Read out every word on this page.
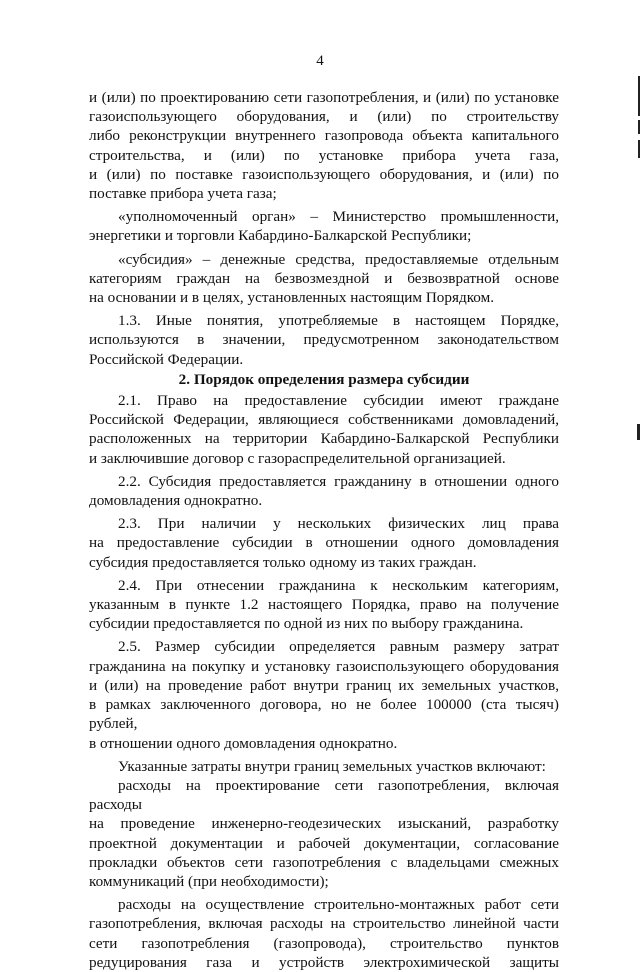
4

и (или) по проектированию сети газопотребления, и (или) по установке

газоиспользующего оборудования, и (или) по строительству

либо реконструкции внутреннего газопровода объекта капитального

строительства, и (или) по установке прибора учета газа,

и (или) по поставке газоиспользующего оборудования, и (или) по

поставке прибора учета газа;

«уполномоченный орган» – Министерство промышленности,

энергетики и торговли Кабардино-Балкарской Республики;

«субсидия» – денежные средства, предоставляемые отдельным

категориям граждан на безвозмездной и безвозвратной основе

на основании и в целях, установленных настоящим Порядком.

1.3. Иные понятия, употребляемые в настоящем Порядке,

используются в значении, предусмотренном законодательством

Российской Федерации.

2. Порядок определения размера субсидии

2.1. Право на предоставление субсидии имеют граждане

Российской Федерации, являющиеся собственниками домовладений,

расположенных на территории Кабардино-Балкарской Республики

и заключившие договор с газораспределительной организацией.

2.2. Субсидия предоставляется гражданину в отношении одного

домовладения однократно.

2.3. При наличии у нескольких физических лиц права

на предоставление субсидии в отношении одного домовладения

субсидия предоставляется только одному из таких граждан.

2.4. При отнесении гражданина к нескольким категориям,

указанным в пункте 1.2 настоящего Порядка, право на получение

субсидии предоставляется по одной из них по выбору гражданина.

2.5. Размер субсидии определяется равным размеру затрат

гражданина на покупку и установку газоиспользующего оборудования

и (или) на проведение работ внутри границ их земельных участков,

в рамках заключенного договора, но не более 100000 (ста тысяч) рублей,

в отношении одного домовладения однократно.

Указанные затраты внутри границ земельных участков включают:

расходы на проектирование сети газопотребления, включая расходы

на проведение инженерно-геодезических изысканий, разработку

проектной документации и рабочей документации, согласование

прокладки объектов сети газопотребления с владельцами смежных

коммуникаций (при необходимости);

расходы на осуществление строительно-монтажных работ сети

газопотребления, включая расходы на строительство линейной части

сети газопотребления (газопровода), строительство пунктов

редуцирования газа и устройств электрохимической защиты
